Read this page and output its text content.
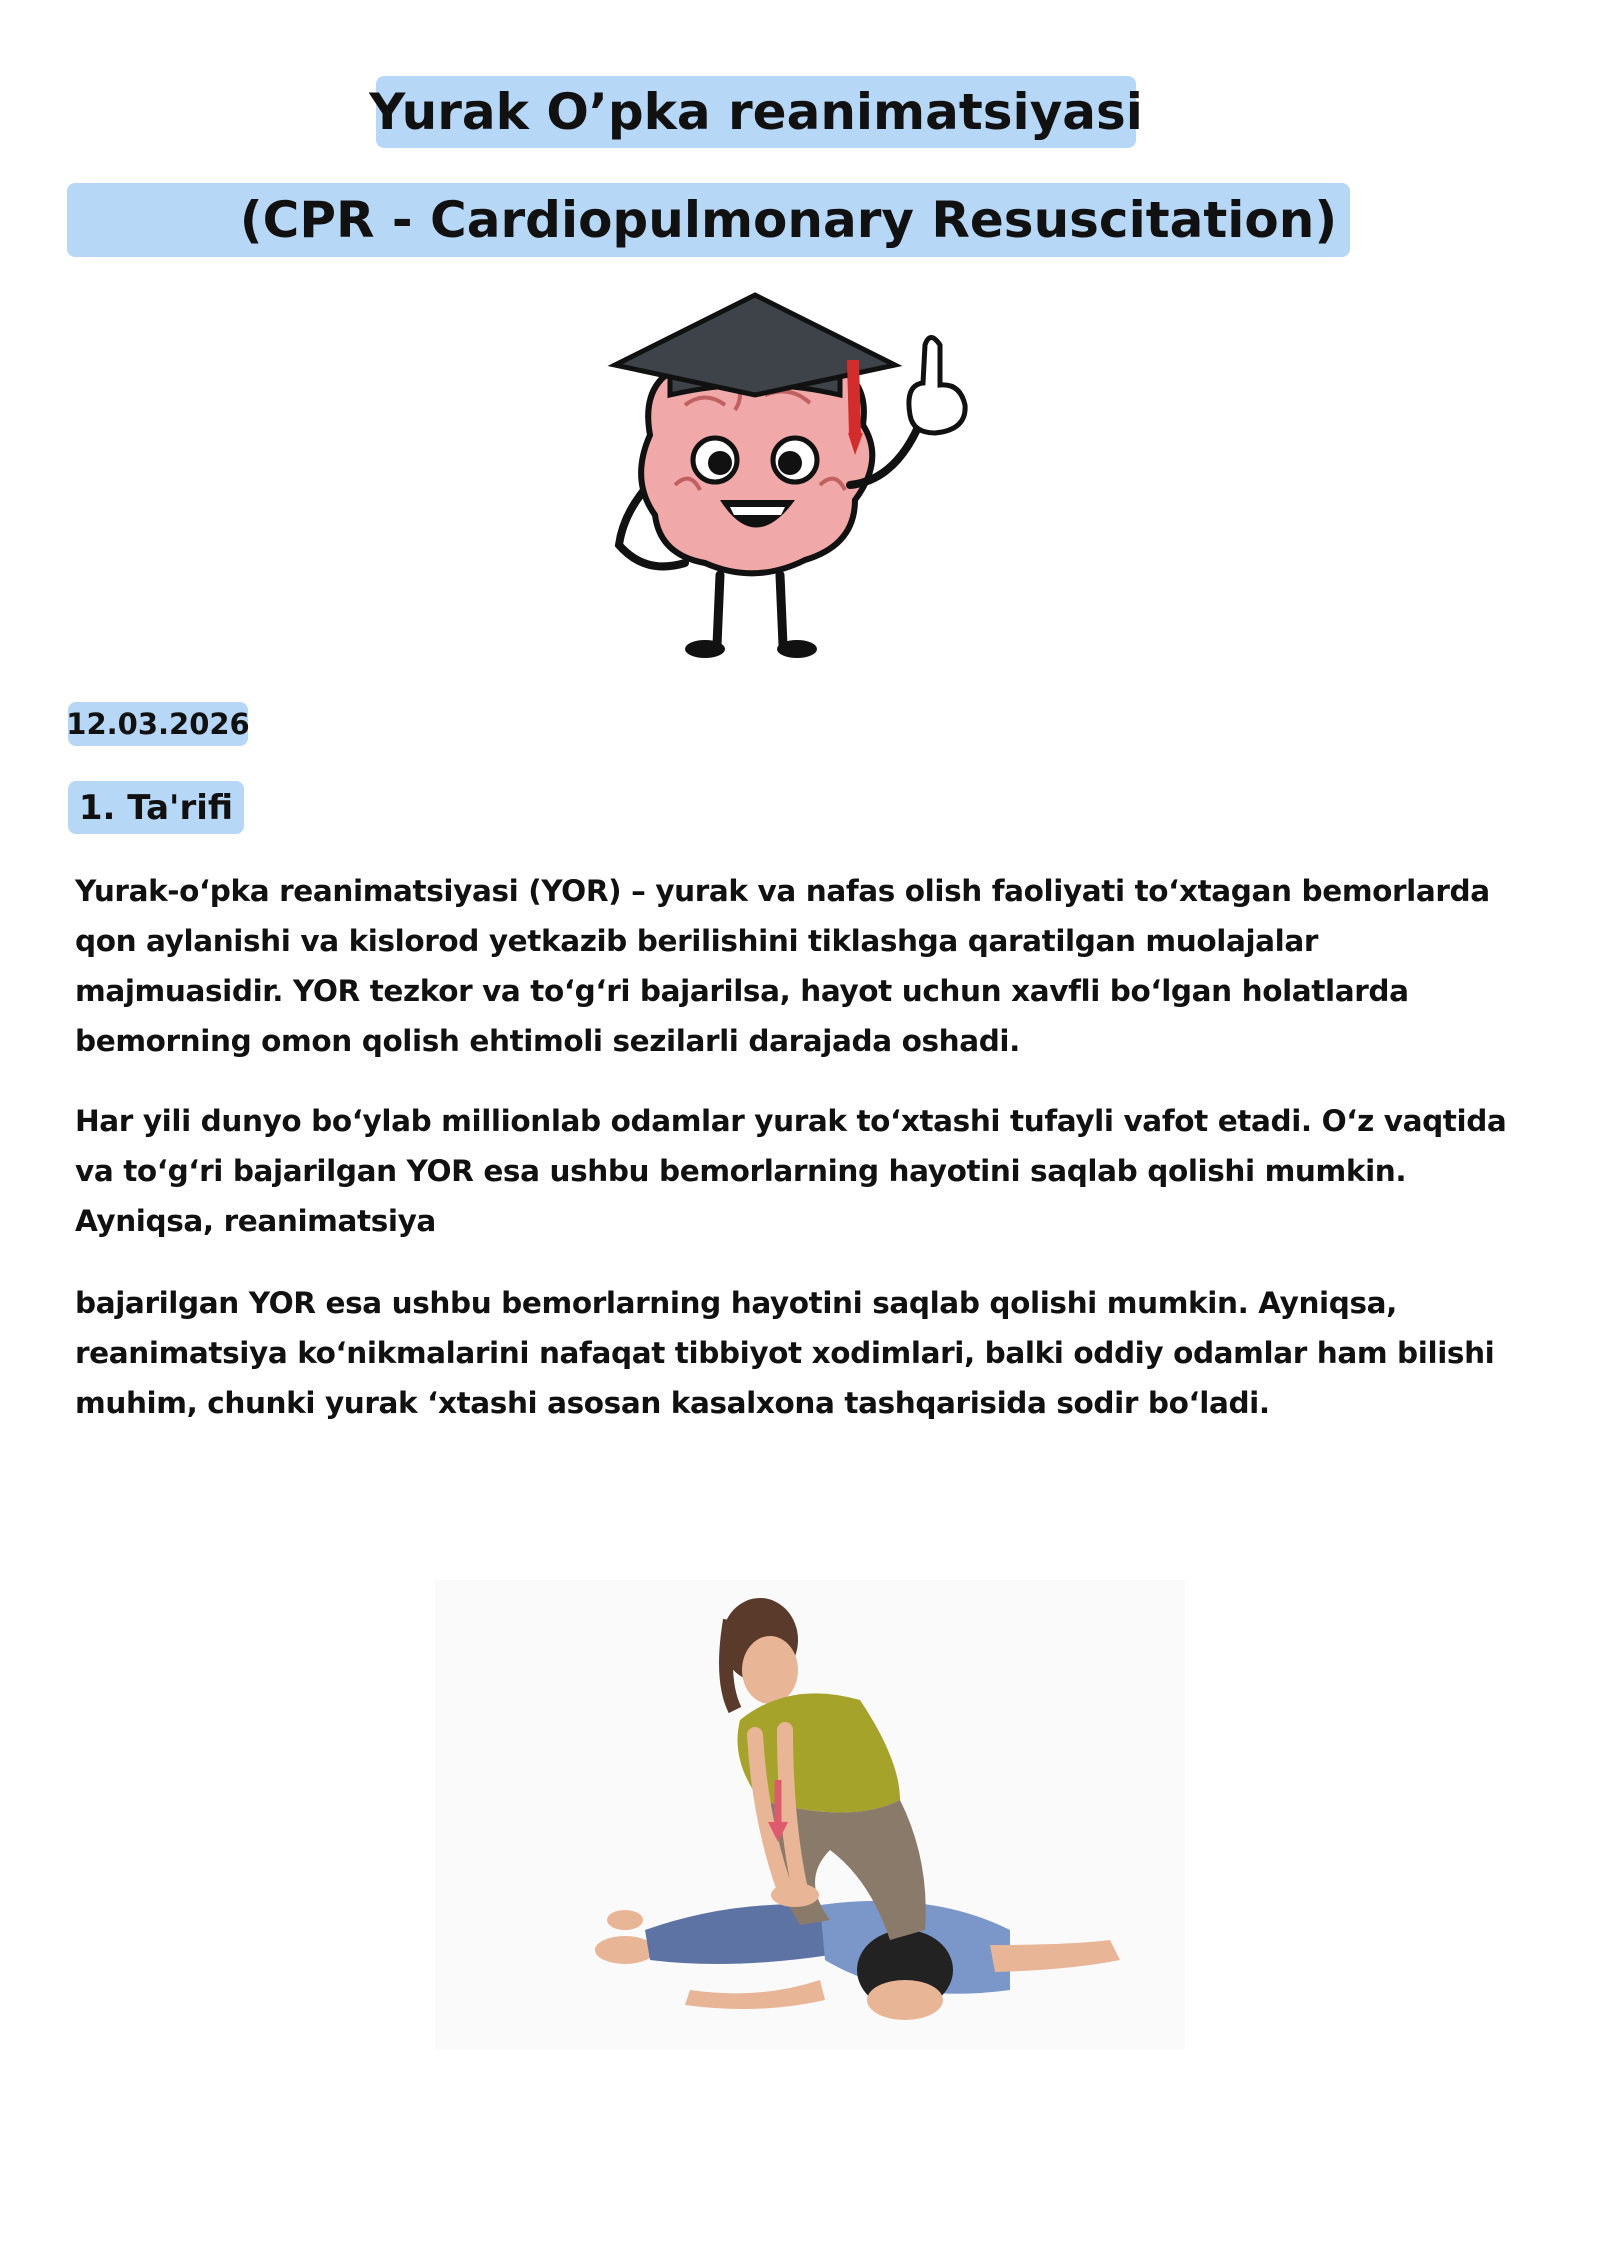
Yurak O’pka reanimatsiyasi
(CPR - Cardiopulmonary Resuscitation)
12.03.2026
1. Ta'rifi
Yurak-o‘pka reanimatsiyasi (YOR) – yurak va nafas olish faoliyati to‘xtagan bemorlarda
qon aylanishi va kislorod yetkazib berilishini tiklashga qaratilgan muolajalar
majmuasidir. YOR tezkor va to‘g‘ri bajarilsa, hayot uchun xavfli bo‘lgan holatlarda
bemorning omon qolish ehtimoli sezilarli darajada oshadi.
Har yili dunyo bo‘ylab millionlab odamlar yurak to‘xtashi tufayli vafot etadi. O‘z vaqtida
va to‘g‘ri bajarilgan YOR esa ushbu bemorlarning hayotini saqlab qolishi mumkin.
Ayniqsa, reanimatsiya
bajarilgan YOR esa ushbu bemorlarning hayotini saqlab qolishi mumkin. Ayniqsa,
reanimatsiya ko‘nikmalarini nafaqat tibbiyot xodimlari, balki oddiy odamlar ham bilishi
muhim, chunki yurak ‘xtashi asosan kasalxona tashqarisida sodir bo‘ladi.
